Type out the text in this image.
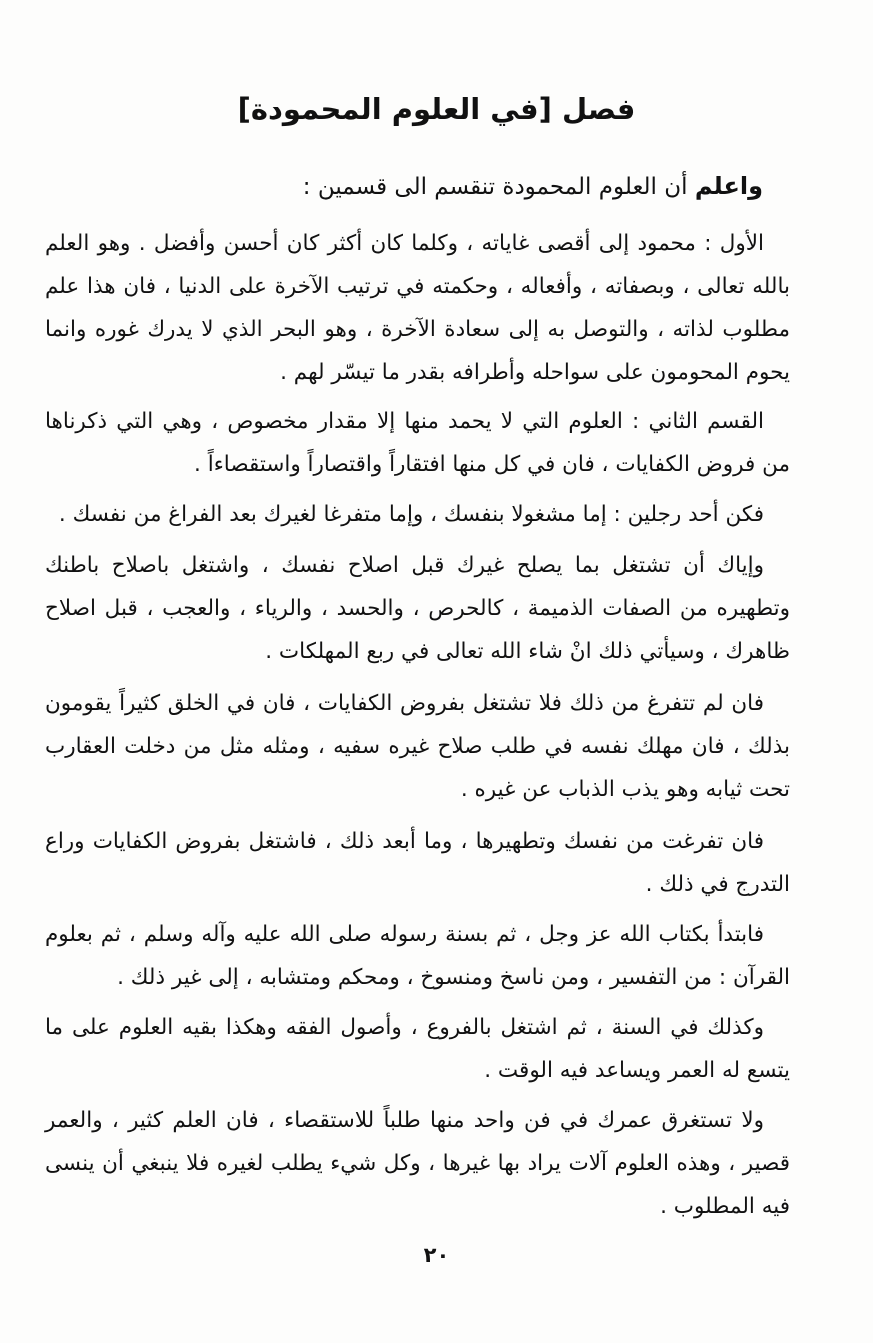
فصل [في العلوم المحمودة]

واعلم أن العلوم المحمودة تنقسم الى قسمين :

الأول : محمود إلى أقصى غاياته ، وكلما كان أكثر كان أحسن وأفضل . وهو العلم بالله تعالى ، وبصفاته ، وأفعاله ، وحكمته في ترتيب الآخرة على الدنيا ، فان هذا علم مطلوب لذاته ، والتوصل به إلى سعادة الآخرة ، وهو البحر الذي لا يدرك غوره وانما يحوم المحومون على سواحله وأطرافه بقدر ما تيسّر لهم .

القسم الثاني : العلوم التي لا يحمد منها إلا مقدار مخصوص ، وهي التي ذكرناها من فروض الكفايات ، فان في كل منها افتقاراً واقتصاراً واستقصاءاً .

فكن أحد رجلين : إما مشغولا بنفسك ، وإما متفرغا لغيرك بعد الفراغ من نفسك .

وإياك أن تشتغل بما يصلح غيرك قبل اصلاح نفسك ، واشتغل باصلاح باطنك وتطهيره من الصفات الذميمة ، كالحرص ، والحسد ، والرياء ، والعجب ، قبل اصلاح ظاهرك ، وسيأتي ذلك انْ شاء الله تعالى في ربع المهلكات .

فان لم تتفرغ من ذلك فلا تشتغل بفروض الكفايات ، فان في الخلق كثيراً يقومون بذلك ، فان مهلك نفسه في طلب صلاح غيره سفيه ، ومثله مثل من دخلت العقارب تحت ثيابه وهو يذب الذباب عن غيره .

فان تفرغت من نفسك وتطهيرها ، وما أبعد ذلك ، فاشتغل بفروض الكفايات وراع التدرج في ذلك .

فابتدأ بكتاب الله عز وجل ، ثم بسنة رسوله صلى الله عليه وآله وسلم ، ثم بعلوم القرآن : من التفسير ، ومن ناسخ ومنسوخ ، ومحكم ومتشابه ، إلى غير ذلك .

وكذلك في السنة ، ثم اشتغل بالفروع ، وأصول الفقه وهكذا بقيه العلوم على ما يتسع له العمر ويساعد فيه الوقت .

ولا تستغرق عمرك في فن واحد منها طلباً للاستقصاء ، فان العلم كثير ، والعمر قصير ، وهذه العلوم آلات يراد بها غيرها ، وكل شيء يطلب لغيره فلا ينبغي أن ينسى فيه المطلوب .

٢٠
